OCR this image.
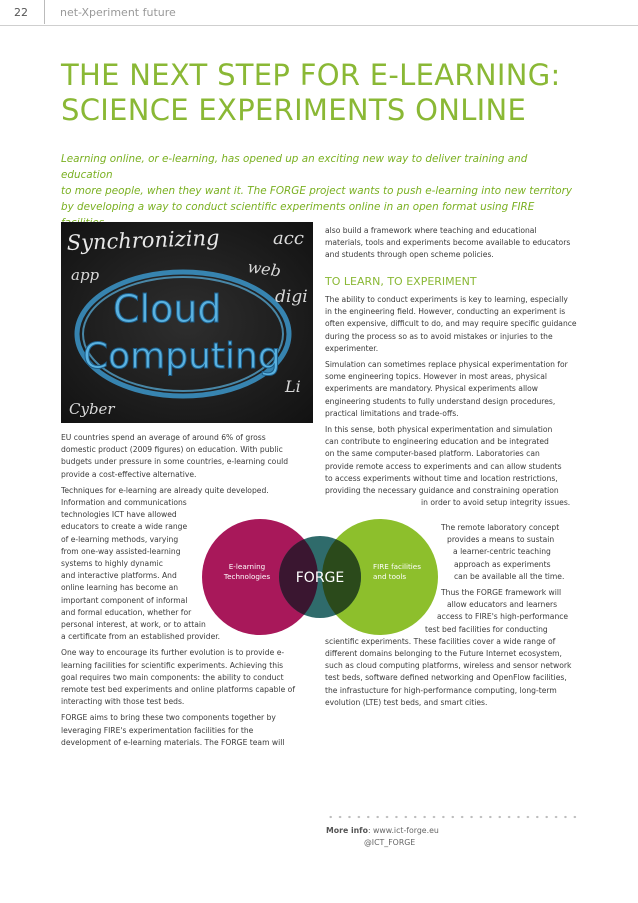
22	net-Xperiment future
THE NEXT STEP FOR E-LEARNING:
SCIENCE EXPERIMENTS ONLINE
Learning online, or e-learning, has opened up an exciting new way to deliver training and education
to more people, when they want it. The FORGE project wants to push e-learning into new territory
by developing a way to conduct scientific experiments online in an open format using FIRE
Synchronizing	acc
app	web
digi
Cloud
Computing
Li
Cyber

EU countries spend an average of around 6% of gross domestic product (2009 figures) on education. With public budgets under pressure in some countries, e-learning could provide a cost-effective alternative.

Techniques for e-learning are already quite developed.
Information and communications
technologies ICT have allowed
educators to create a wide range
of e-learning methods, varying
from one-way assisted-learning
systems to highly dynamic
and interactive platforms. And
online learning has become an
important component of informal
and formal education, whether for
personal interest, at work, or to attain
a certificate from an established provider.

One way to encourage its further evolution is to provide e-learning facilities for scientific experiments. Achieving this goal requires two main components: the ability to conduct remote test bed experiments and online platforms capable of interacting with those test beds.

FORGE aims to bring these two components together by leveraging FIRE's experimentation facilities for the development of e-learning materials. The FORGE team will

also build a framework where teaching and educational materials, tools and experiments become available to educators and students through open scheme policies.

TO LEARN, TO EXPERIMENT

The ability to conduct experiments is key to learning, especially in the engineering field. However, conducting an experiment is often expensive, difficult to do, and may require specific guidance during the process so as to avoid mistakes or injuries to the experimenter.

Simulation can sometimes replace physical experimentation for some engineering topics. However in most areas, physical experiments are mandatory. Physical experiments allow engineering students to fully understand design procedures, practical limitations and trade-offs.

In this sense, both physical experimentation and simulation
can contribute to engineering education and be integrated
on the same computer-based platform. Laboratories can
provide remote access to experiments and can allow students
to access experiments without time and location restrictions,
providing the necessary guidance and constraining operation
in order to avoid setup integrity issues.

The remote laboratory concept
provides a means to sustain
a learner-centric teaching
approach as experiments
can be available all the time.
Thus the FORGE framework will
allow educators and learners
access to FIRE's high-performance
test bed facilities for conducting
scientific experiments. These facilities cover a wide range of
different domains belonging to the Future Internet ecosystem,
such as cloud computing platforms, wireless and sensor network
test beds, software defined networking and OpenFlow facilities,
the infrastucture for high-performance computing, long-term
evolution (LTE) test beds, and smart cities.
E-learning
Technologies FORGE
FIRE facilities
and tools
More info: www.ict-forge.eu
@ICT_FORGE
